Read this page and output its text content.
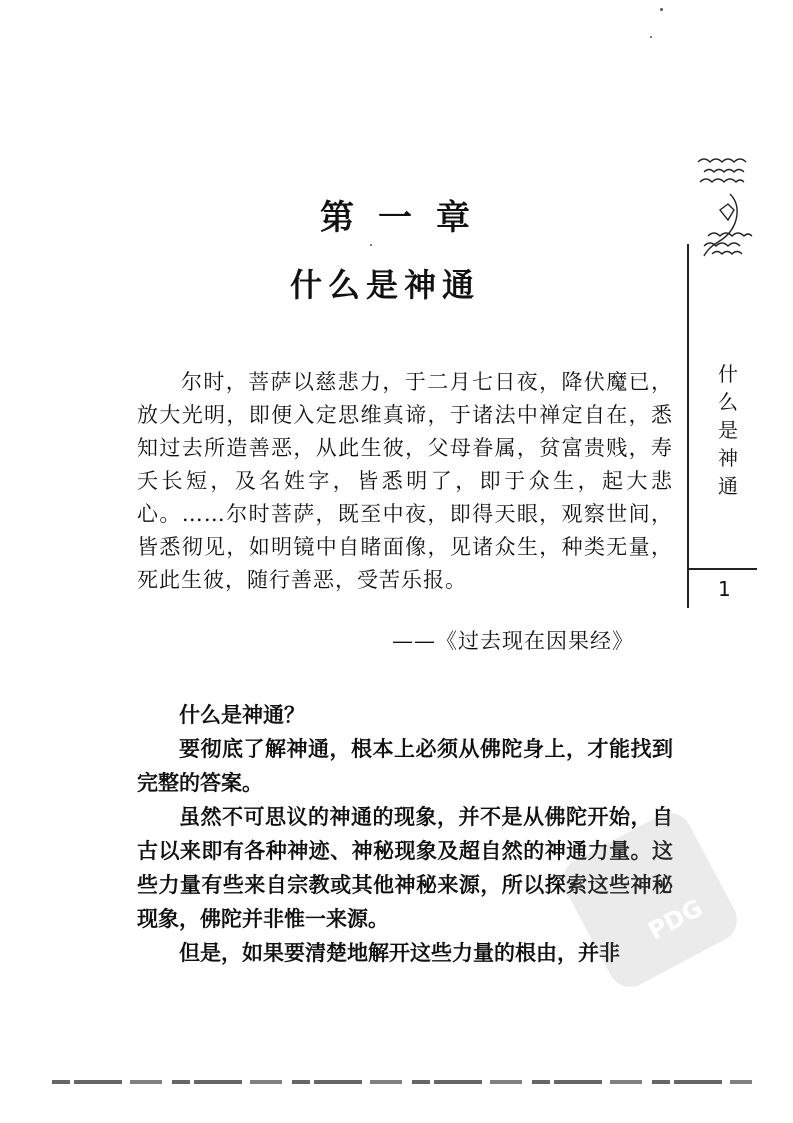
第一章
什么是神通
尔时，菩萨以慈悲力，于二月七日夜，降伏魔已，放大光明，即便入定思维真谛，于诸法中禅定自在，悉知过去所造善恶，从此生彼，父母眷属，贫富贵贱，寿夭长短，及名姓字，皆悉明了，即于众生，起大悲心。……尔时菩萨，既至中夜，即得天眼，观察世间，皆悉彻见，如明镜中自睹面像，见诸众生，种类无量，死此生彼，随行善恶，受苦乐报。
——《过去现在因果经》

什么是神通？

要彻底了解神通，根本上必须从佛陀身上，才能找到完整的答案。

虽然不可思议的神通的现象，并不是从佛陀开始，自古以来即有各种神迹、神秘现象及超自然的神通力量。这些力量有些来自宗教或其他神秘来源，所以探索这些神秘现象，佛陀并非惟一来源。

但是，如果要清楚地解开这些力量的根由，并非

什么是神通
1
PDG
